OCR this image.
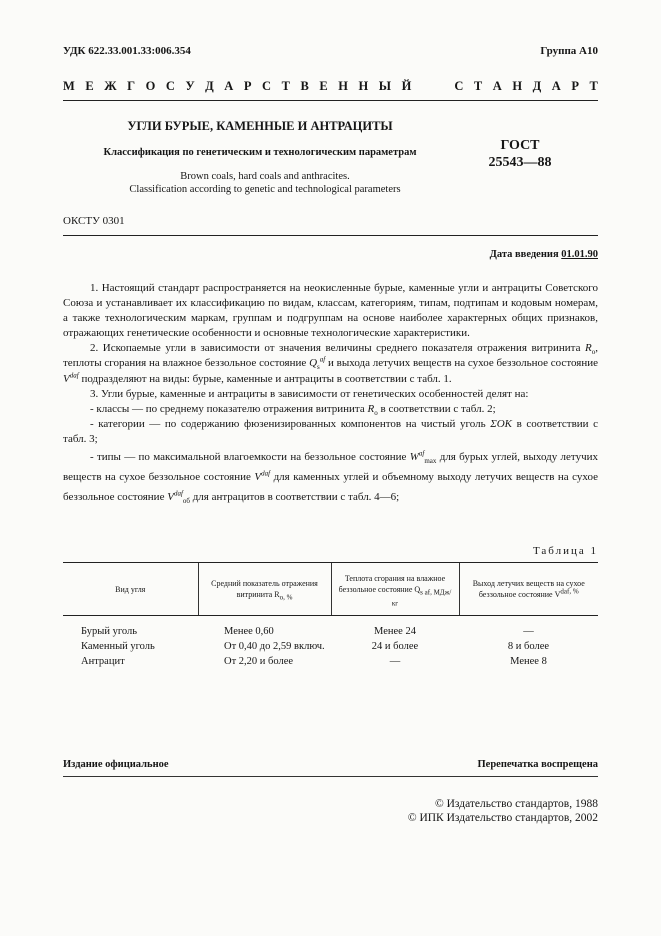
УДК 622.33.001.33:006.354	Группа А10
М Е Ж Г О С У Д А Р С Т В Е Н Н Ы Й	С Т А Н Д А Р Т
УГЛИ БУРЫЕ, КАМЕННЫЕ И АНТРАЦИТЫ
Классификация по генетическим и технологическим параметрам	ГОСТ
25543—88
Brown coals, hard coals and anthracites.
Classification according to genetic and technological parameters
ОКСТУ 0301
Дата введения 01.01.90

1. Настоящий стандарт распространяется на неокисленные бурые, каменные угли и антрациты Советского Союза и устанавливает их классификацию по видам, классам, категориям, типам, подтипам и кодовым номерам, а также технологическим маркам, группам и подгруппам на основе наиболее характерных общих признаков, отражающих генетические особенности и основные технологические характеристики.

2. Ископаемые угли в зависимости от значения величины среднего показателя отражения витринита $R_o$, теплоты сгорания на влажное беззольное состояние $Q_s^{af}$ и выхода летучих веществ на сухое беззольное состояние $V^{daf}$ подразделяют на виды: бурые, каменные и антрациты в соответствии с табл. 1.

3. Угли бурые, каменные и антрациты в зависимости от генетических особенностей делят на:

- классы — по среднему показателю отражения витринита $R_o$ в соответствии с табл. 2;

- категории — по содержанию фюзенизированных компонентов на чистый уголь ΣOK в соответствии с табл. 3;

- типы — по максимальной влагоемкости на беззольное состояние $W^{af}_{max}$ для бурых углей, выходу летучих веществ на сухое беззольное состояние $V^{daf}$ для каменных углей и объемному выходу летучих веществ на сухое беззольное состояние $V^{daf}_{об}$ для антрацитов в соответствии с табл. 4—6;

Таблица 1
Вид угля	Средний показатель отражения витринита $R_{o, \%}$	Теплота сгорания на влажное беззольное состояние $Q_{s af, МДж/кг}$	Выход летучих веществ на сухое беззольное состояние $V^{daf, \%}$

Бурый уголь	Менее 0,60	Менее 24	—
Каменный уголь	От 0,40 до 2,59 включ.	24 и более	8 и более
Антрацит	От 2,20 и более	—	Менее 8
Издание официальное	Перепечатка воспрещена
© Издательство стандартов, 1988
© ИПК Издательство стандартов, 2002
